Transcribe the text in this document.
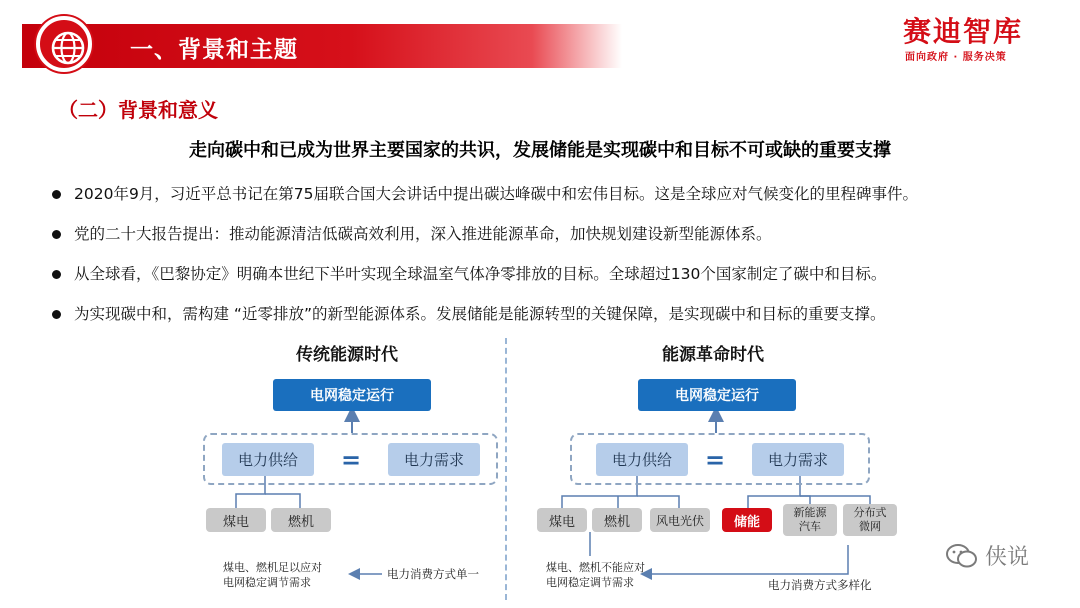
一、背景和主题
赛迪智库
面向政府 · 服务决策
（二）背景和意义
走向碳中和已成为世界主要国家的共识，发展储能是实现碳中和目标不可或缺的重要支撑
2020年9月，习近平总书记在第75届联合国大会讲话中提出碳达峰碳中和宏伟目标。这是全球应对气候变化的里程碑事件。
党的二十大报告提出：推动能源清洁低碳高效利用，深入推进能源革命，加快规划建设新型能源体系。
从全球看，《巴黎协定》明确本世纪下半叶实现全球温室气体净零排放的目标。全球超过130个国家制定了碳中和目标。
为实现碳中和，需构建 “近零排放”的新型能源体系。发展储能是能源转型的关键保障，是实现碳中和目标的重要支撑。
传统能源时代
电网稳定运行
电力供给	=	电力需求
煤电	燃机
煤电、燃机足以应对
电网稳定调节需求
电力消费方式单一
能源革命时代
电网稳定运行
电力供给	=	电力需求
煤电	燃机	风电光伏	储能
新能源
汽车
分布式
微网
煤电、燃机不能应对
电网稳定调节需求	电力消费方式多样化
侠说
